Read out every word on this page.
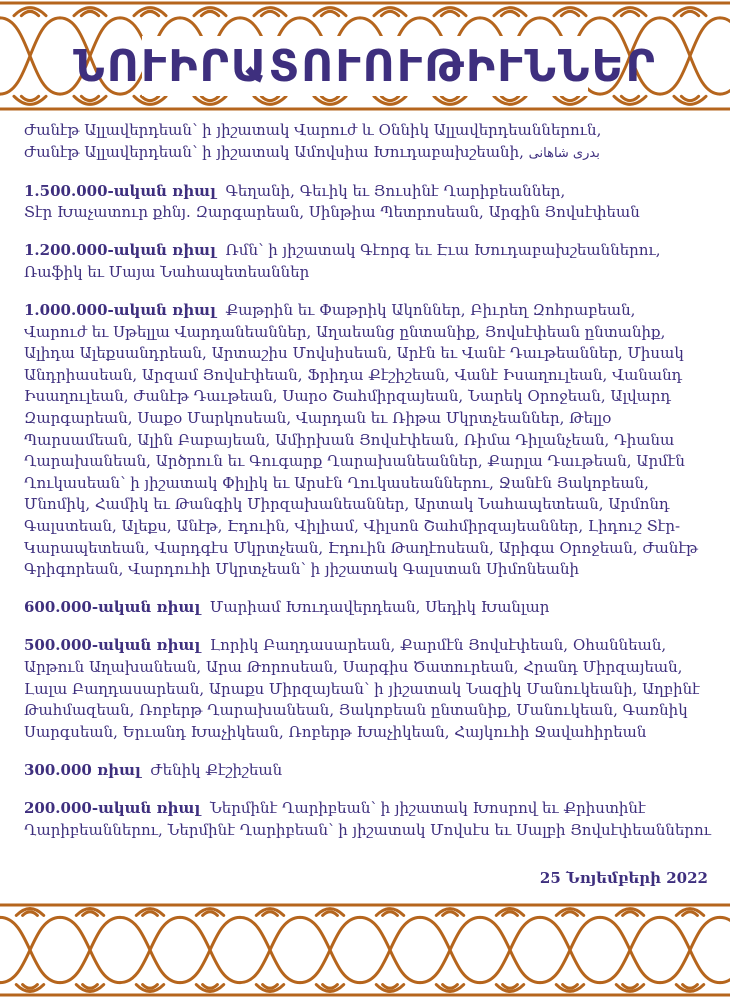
ՆՈՒԻՐԱՏՈՒՈՒԹԻՒՆՆԵՐ
Ժանէթ Ալլավերդեան՝ ի յիշատակ Վարուժ և Օննիկ Ալլավերդեաններուն,
Ժանէթ Ալլավերդեան՝ ի յիշատակ Ամովսիա Խուդաբախշեանի, بدری شاهانی
1.500.000-ական ռիալ Գեղանի, Գեւիկ եւ Յուսինէ Ղարիբեաններ,
Տէր Խաչատուր քհնյ. Զարգարեան, Սինթիա Պետրոսեան, Արգին Յովսէփեան
1.200.000-ական ռիալ Ռմն՝ ի յիշատակ Գէորգ եւ Էւա Խուդաբախշեաններու,
Ռաֆիկ եւ Մայա Նահապետեաններ
1.000.000-ական ռիալ Քաթրին եւ Փաթրիկ Ակոններ, Բիւրեղ Զոհրաբեան,
Վարուժ եւ Սթելլա Վարդանեաններ, Աղաեանց ընտանիք, Յովսէփեան ընտանիք, Ալիդա Ալեքսանդրեան, Արտաշիս Մովսիսեան, Արէն եւ Վանէ Դաւթեաններ, Միսակ Անդրիասեան, Արզամ Յովսէփեան, Ֆրիդա Քէշիշեան, Վանէ Իսաղուլեան, Վանանդ Իսաղուլեան, Ժանէթ Դաւթեան, Սարօ Շահմիրզայեան, Նարեկ Օրոջեան, Ալվարդ Զարգարեան, Սաքօ Մարկոսեան, Վարդան եւ Ռիթա Մկրտչեաններ, Թելլօ Պարսամեան, Ալին Բաբայեան, Ամիրխան Յովսէփեան, Ռիմա Դիլանչեան, Դիանա Ղարախանեան, Արծրուն եւ Գուգարք Ղարախանեաններ, Քարլա Դաւթեան, Արմէն Ղուկասեան՝ ի յիշատակ Փիլիկ եւ Արսէն Ղուկասեաններու, Ջանէն Յակոբեան, Մնոմիկ, Համիկ եւ Թանգիկ Միրզախանեաններ, Արտակ Նահապետեան, Արմոնդ Գալստեան, Ալեքս, Անէթ, Էդուին, Վիլիամ, Վիլսոն Շահմիրզայեաններ, Լիդուշ Տէր-Կարապետեան, Վարդգէս Մկրտչեան, Էդուին Թաղէոսեան, Արիգա Օրոջեան, Ժանէթ Գրիգորեան, Վարդուհի Մկրտչեան՝ ի յիշատակ Գալստան Սիմոնեանի
600.000-ական ռիալ Մարիամ Խուդավերդեան, Սեդիկ Խանլար
500.000-ական ռիալ Լորիկ Բաղդասարեան, Քարմէն Յովսէփեան, Օհաննեան,
Արթուն Աղախանեան, Արա Թորոսեան, Սարգիս Ծատուրեան, Հրանդ Միրզայեան, Լալա Բաղդասարեան, Արաքս Միրզայեան՝ ի յիշատակ Նազիկ Մանուկեանի, Աղբինէ Թահմազեան, Ռոբերթ Ղարախանեան, Յակոբեան ընտանիք, Մանուկեան, Գառնիկ Սարգսեան, Երւանդ Խաչիկեան, Ռոբերթ Խաչիկեան, Հայկուհի Ջավահիրեան
300.000 ռիալ Ժենիկ Քէշիշեան
200.000-ական ռիալ Ներմինէ Ղարիբեան՝ ի յիշատակ Խոսրով եւ Քրիստինէ
Ղարիբեաններու, Ներմինէ Ղարիբեան՝ ի յիշատակ Մովսէս եւ Սալբի Յովսէփեաններու
25 Նոյեմբերի 2022
